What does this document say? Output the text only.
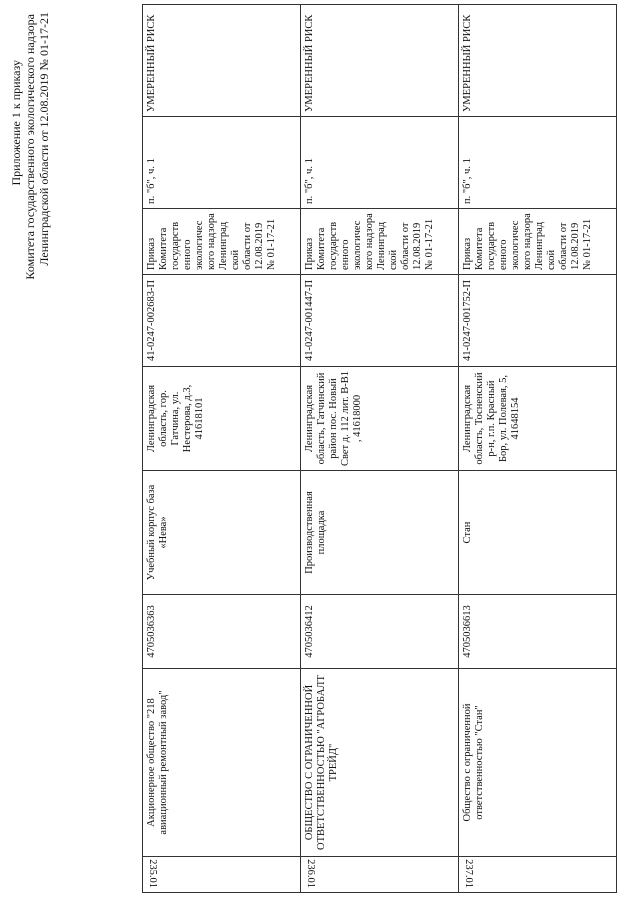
Приложение 1 к приказу Комитета государственного экологического надзора Ленинградской области от 12.08.2019 № 01-17-21
235.01	Акционерное общество "218 авиационный ремонтный завод"	4705036363	Учебный корпус база «Нева»	Ленинградская область, гор. Гатчина, ул. Нестерова, д.3, 41618101	41-0247-002683-П	Приказ Комитета государств енного экологичес кого надзора Ленинград ской области от 12.08.2019 № 01-17-21	п. "б", ч. 1	УМЕРЕННЫЙ РИСК
236.01	ОБЩЕСТВО С ОГРАНИЧЕННОЙ ОТВЕТСТВЕННОСТЬЮ "АГРОБАЛТ ТРЕЙД"	4705036412	Производственная площадка	Ленинградская область, Гатчинский район пос. Новый Свет д. 112 лит. В-В1 , 41618000	41-0247-001447-П	Приказ Комитета государств енного экологичес кого надзора Ленинград ской области от 12.08.2019 № 01-17-21	п. "б", ч. 1	УМЕРЕННЫЙ РИСК
237.01	Общество с ограниченной ответственностью "Стан"	4705036613	Стан	Ленинградская область, Тосненский р-н, г.п. Красный Бор, ул. Полевая, 5, 41648154	41-0247-001752-П	Приказ Комитета государств енного экологичес кого надзора Ленинград ской области от 12.08.2019 № 01-17-21	п. "б", ч. 1	УМЕРЕННЫЙ РИСК
